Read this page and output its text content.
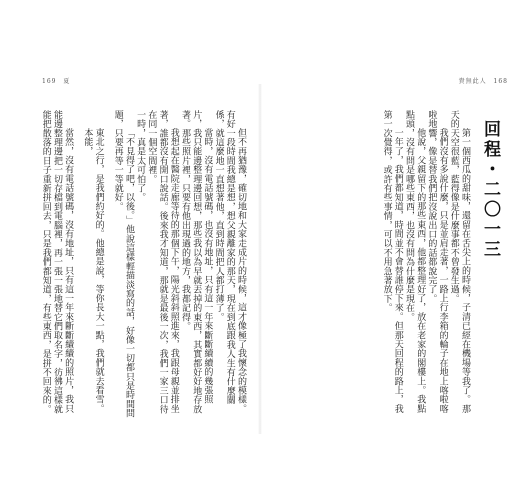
169 夏

但不再猶豫，確切地和大家走成片的時候，這才像極了我懷念的模樣。有好一段時間我總是想，想父親離家的那天，現在到底跟我人生有什麼關係，就這麼地一直想著他，直到時間把人都打薄了。

當時，沒有電話號碼，也沒有地址，只有這一年來斷斷續續的幾張照片，我只能邊整理邊回想，那些我以為早就丟掉的東西，其實都好好地存放著。那些照片裡，只要有他出現過的地方，我都記得。

我想起在醫院走廊等待的那個下午，陽光斜斜照進來，我跟母親並排坐著，誰都沒有開口說話。後來我才知道，那就是最後一次，我們一家三口待在同一個空間裡。

一時，真是太可怕了。

「不見得了吧，以後。」他說這樣輕描淡寫的話，好像一切都只是時間問題，只要再等一等就好。

東北之行，是我們約好的。他總是說，等你長大一點，我們就去看雪。

本能，

當然，沒有電話號碼，沒有地址，只有這一年來斷斷續續的照片，我只能邊整理邊把一切存檔到電腦裡，再一張一張地替它們取名字，彷彿這樣就能把散落的日子重新拼回去，只是我們都知道，有些東西，是拼不回來的。

貴無此人 168
回程・二〇一三

第一個西瓜的甜味，還留在舌尖上的時候，子清已經在機場等我了。那天的天空很藍，藍得像是什麼事都不曾發生過。

我們沒有多說什麼，只是並肩走著，一路上行李箱的輪子在地上喀啦喀啦地響，像是替我們把沒說出口的話都說完了。

他說，父親留下的那些東西，他都整理好了，放在老家的閣樓上。我點點頭，沒有問是哪些東西，也沒有問為什麼是現在。

一年了，我們都知道，時間並不會替誰停下來。但那天回程的路上，我第一次覺得，或許有些事情，可以不用急著放下。
